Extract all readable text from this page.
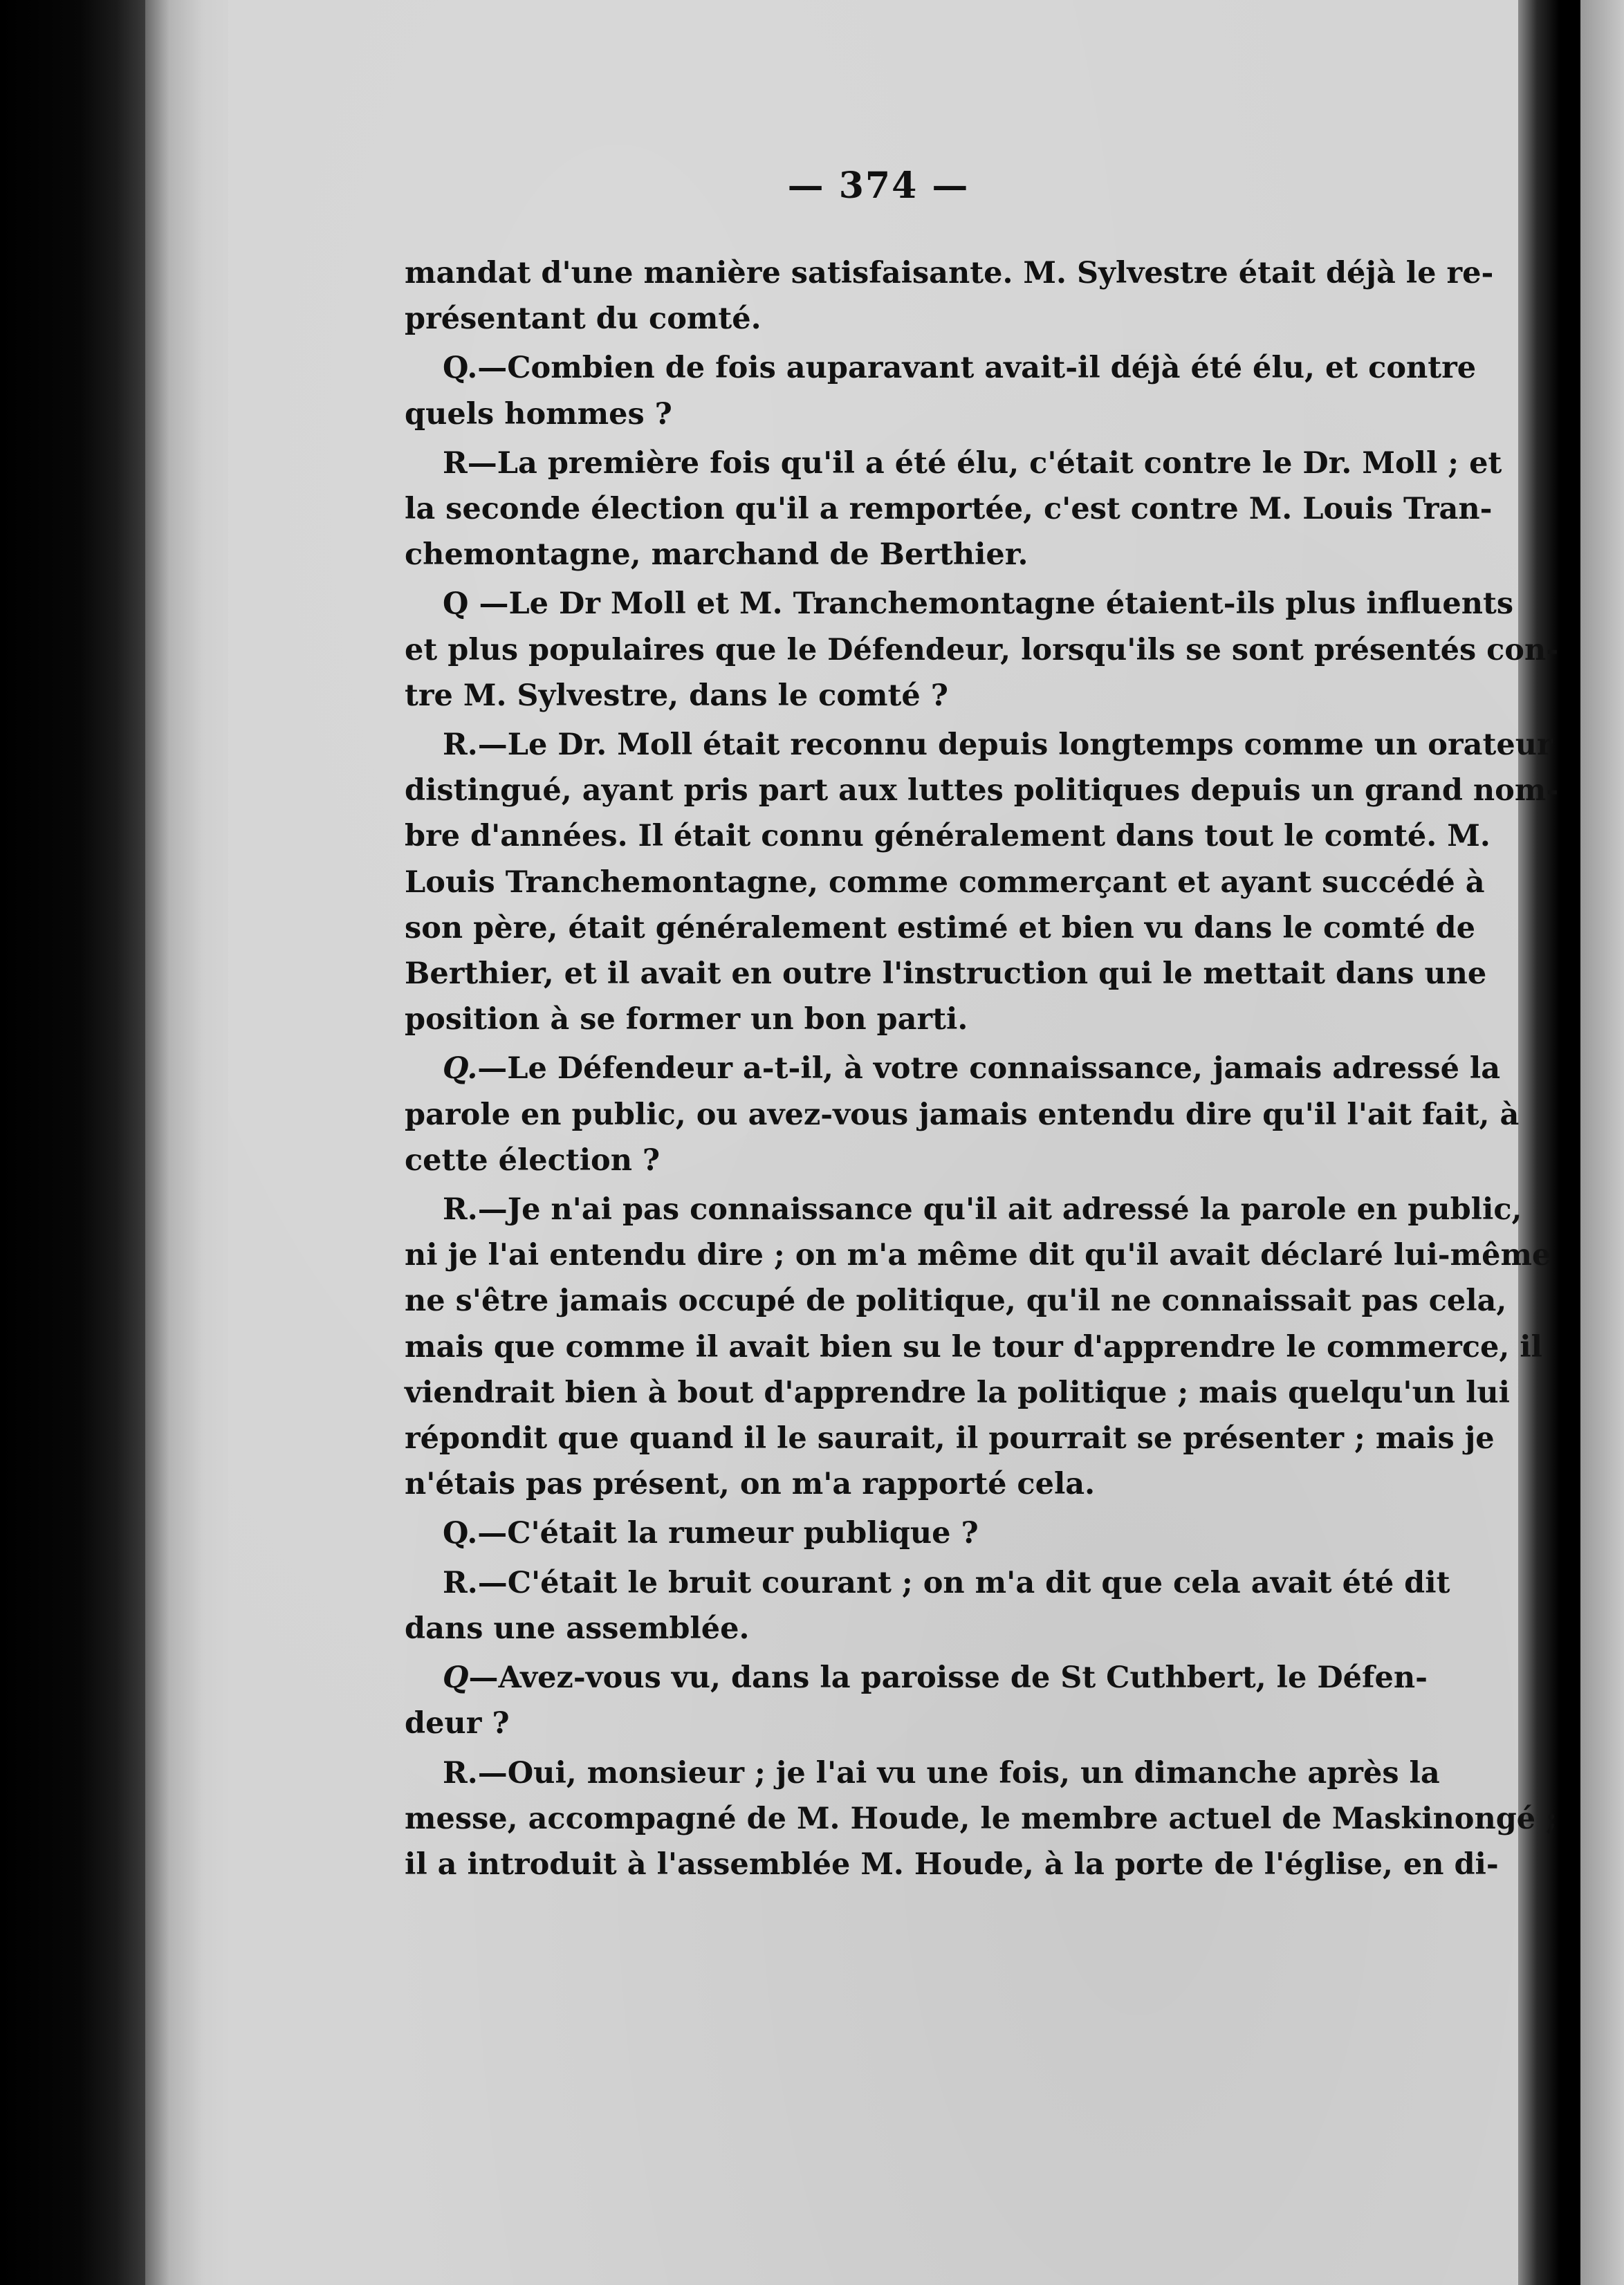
— 374 —

mandat d'une manière satisfaisante. M. Sylvestre était déjà le re-
présentant du comté.

Q.—Combien de fois auparavant avait-il déjà été élu, et contre
quels hommes ?

R—La première fois qu'il a été élu, c'était contre le Dr. Moll ; et
la seconde élection qu'il a remportée, c'est contre M. Louis Tran-
chemontagne, marchand de Berthier.

Q —Le Dr Moll et M. Tranchemontagne étaient-ils plus influents
et plus populaires que le Défendeur, lorsqu'ils se sont présentés con-
tre M. Sylvestre, dans le comté ?

R.—Le Dr. Moll était reconnu depuis longtemps comme un orateur
distingué, ayant pris part aux luttes politiques depuis un grand nom-
bre d'années. Il était connu généralement dans tout le comté. M.
Louis Tranchemontagne, comme commerçant et ayant succédé à
son père, était généralement estimé et bien vu dans le comté de
Berthier, et il avait en outre l'instruction qui le mettait dans une
position à se former un bon parti.

Q.—Le Défendeur a-t-il, à votre connaissance, jamais adressé la
parole en public, ou avez-vous jamais entendu dire qu'il l'ait fait, à
cette élection ?

R.—Je n'ai pas connaissance qu'il ait adressé la parole en public,
ni je l'ai entendu dire ; on m'a même dit qu'il avait déclaré lui-même
ne s'être jamais occupé de politique, qu'il ne connaissait pas cela,
mais que comme il avait bien su le tour d'apprendre le commerce, il
viendrait bien à bout d'apprendre la politique ; mais quelqu'un lui
répondit que quand il le saurait, il pourrait se présenter ; mais je
n'étais pas présent, on m'a rapporté cela.

Q.—C'était la rumeur publique ?

R.—C'était le bruit courant ; on m'a dit que cela avait été dit
dans une assemblée.

Q—Avez-vous vu, dans la paroisse de St Cuthbert, le Défen-
deur ?

R.—Oui, monsieur ; je l'ai vu une fois, un dimanche après la
messe, accompagné de M. Houde, le membre actuel de Maskinongé ;
il a introduit à l'assemblée M. Houde, à la porte de l'église, en di-
